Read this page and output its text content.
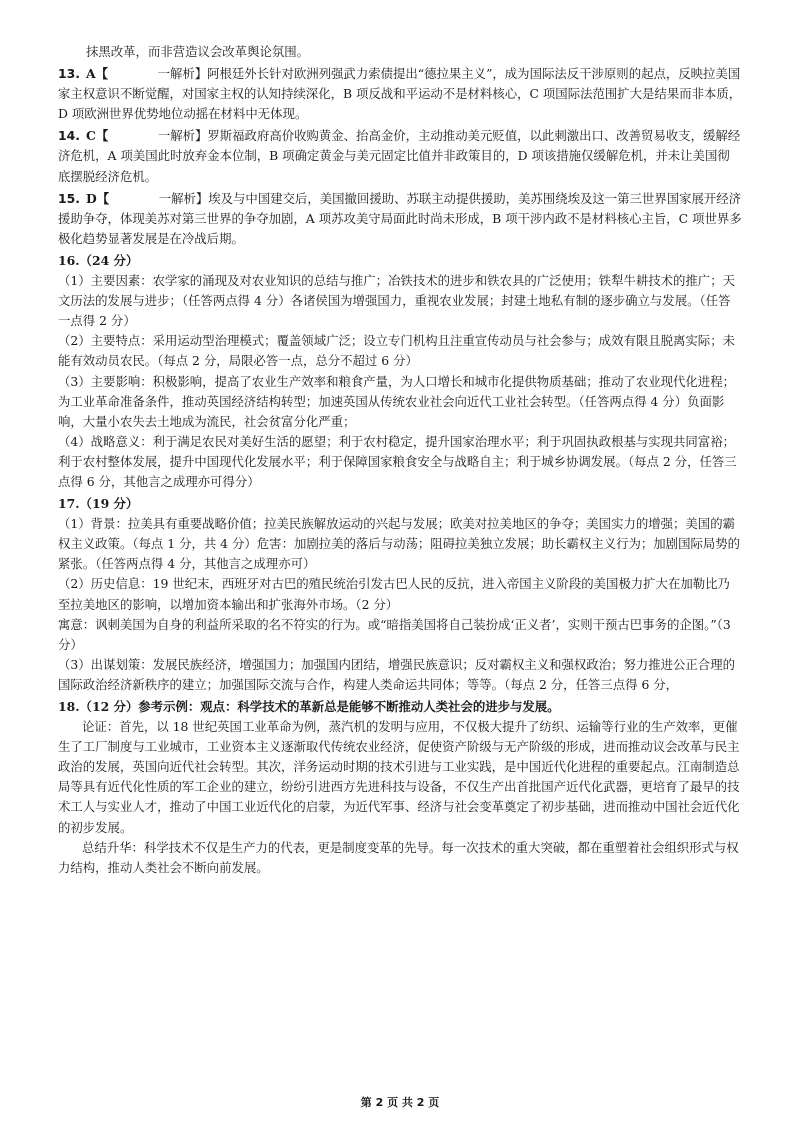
抹黑改革，而非营造议会改革舆论氛围。

13. A【    	一解析】阿根廷外长针对欧洲列强武力索债提出“德拉果主义”，成为国际法反干涉原则的起点，反映拉美国家主权意识不断觉醒，对国家主权的认知持续深化，B 项反战和平运动不是材料核心，C 项国际法范围扩大是结果而非本质，D 项欧洲世界优势地位动摇在材料中无体现。

14. C【    	一解析】罗斯福政府高价收购黄金、抬高金价，主动推动美元贬值，以此刺激出口、改善贸易收支，缓解经济危机，A 项美国此时放弃金本位制，B 项确定黄金与美元固定比值并非政策目的，D 项该措施仅缓解危机，并未让美国彻底摆脱经济危机。

15. D【    	一解析】埃及与中国建交后，美国撤回援助、苏联主动提供援助，美苏围绕埃及这一第三世界国家展开经济援助争夺，体现美苏对第三世界的争夺加剧，A 项苏攻美守局面此时尚未形成，B 项干涉内政不是材料核心主旨，C 项世界多极化趋势显著发展是在冷战后期。

16.（24 分）

（1）主要因素：农学家的涌现及对农业知识的总结与推广；冶铁技术的进步和铁农具的广泛使用；铁犁牛耕技术的推广；天文历法的发展与进步；（任答两点得 4 分）各诸侯国为增强国力，重视农业发展；封建土地私有制的逐步确立与发展。（任答一点得 2 分）

（2）主要特点：采用运动型治理模式；覆盖领域广泛；设立专门机构且注重宣传动员与社会参与；成效有限且脱离实际；未能有效动员农民。（每点 2 分，局限必答一点，总分不超过 6 分）

（3）主要影响：积极影响，提高了农业生产效率和粮食产量，为人口增长和城市化提供物质基础；推动了农业现代化进程；为工业革命准备条件，推动英国经济结构转型；加速英国从传统农业社会向近代工业社会转型。（任答两点得 4 分）负面影响，大量小农失去土地成为流民，社会贫富分化严重；

（4）战略意义：利于满足农民对美好生活的愿望；利于农村稳定，提升国家治理水平；利于巩固执政根基与实现共同富裕；利于农村整体发展，提升中国现代化发展水平；利于保障国家粮食安全与战略自主；利于城乡协调发展。（每点 2 分，任答三点得 6 分，其他言之成理亦可得分）

17.（19 分）

（1）背景：拉美具有重要战略价值；拉美民族解放运动的兴起与发展；欧美对拉美地区的争夺；美国实力的增强；美国的霸权主义政策。（每点 1 分，共 4 分）危害：加剧拉美的落后与动荡；阻碍拉美独立发展；助长霸权主义行为；加剧国际局势的紧张。（任答两点得 4 分，其他言之成理亦可）

（2）历史信息：19 世纪末，西班牙对古巴的殖民统治引发古巴人民的反抗，进入帝国主义阶段的美国极力扩大在加勒比乃至拉美地区的影响，以增加资本输出和扩张海外市场。（2 分）

寓意：讽刺美国为自身的利益所采取的名不符实的行为。或“暗指美国将自己装扮成‘正义者’，实则干预古巴事务的企图。”（3 分）

（3）出谋划策：发展民族经济，增强国力；加强国内团结，增强民族意识；反对霸权主义和强权政治；努力推进公正合理的国际政治经济新秩序的建立；加强国际交流与合作，构建人类命运共同体；等等。（每点 2 分，任答三点得 6 分，

18.（12 分）参考示例：观点：科学技术的革新总是能够不断推动人类社会的进步与发展。

论证：首先，以 18 世纪英国工业革命为例，蒸汽机的发明与应用，不仅极大提升了纺织、运输等行业的生产效率，更催生了工厂制度与工业城市，工业资本主义逐渐取代传统农业经济，促使资产阶级与无产阶级的形成，进而推动议会改革与民主政治的发展，英国向近代社会转型。其次，洋务运动时期的技术引进与工业实践，是中国近代化进程的重要起点。江南制造总局等具有近代化性质的军工企业的建立，纷纷引进西方先进科技与设备，不仅生产出首批国产近代化武器，更培育了最早的技术工人与实业人才，推动了中国工业近代化的启蒙，为近代军事、经济与社会变革奠定了初步基础，进而推动中国社会近代化的初步发展。

总结升华：科学技术不仅是生产力的代表，更是制度变革的先导。每一次技术的重大突破，都在重塑着社会组织形式与权力结构，推动人类社会不断向前发展。

第 2 页 共 2 页
